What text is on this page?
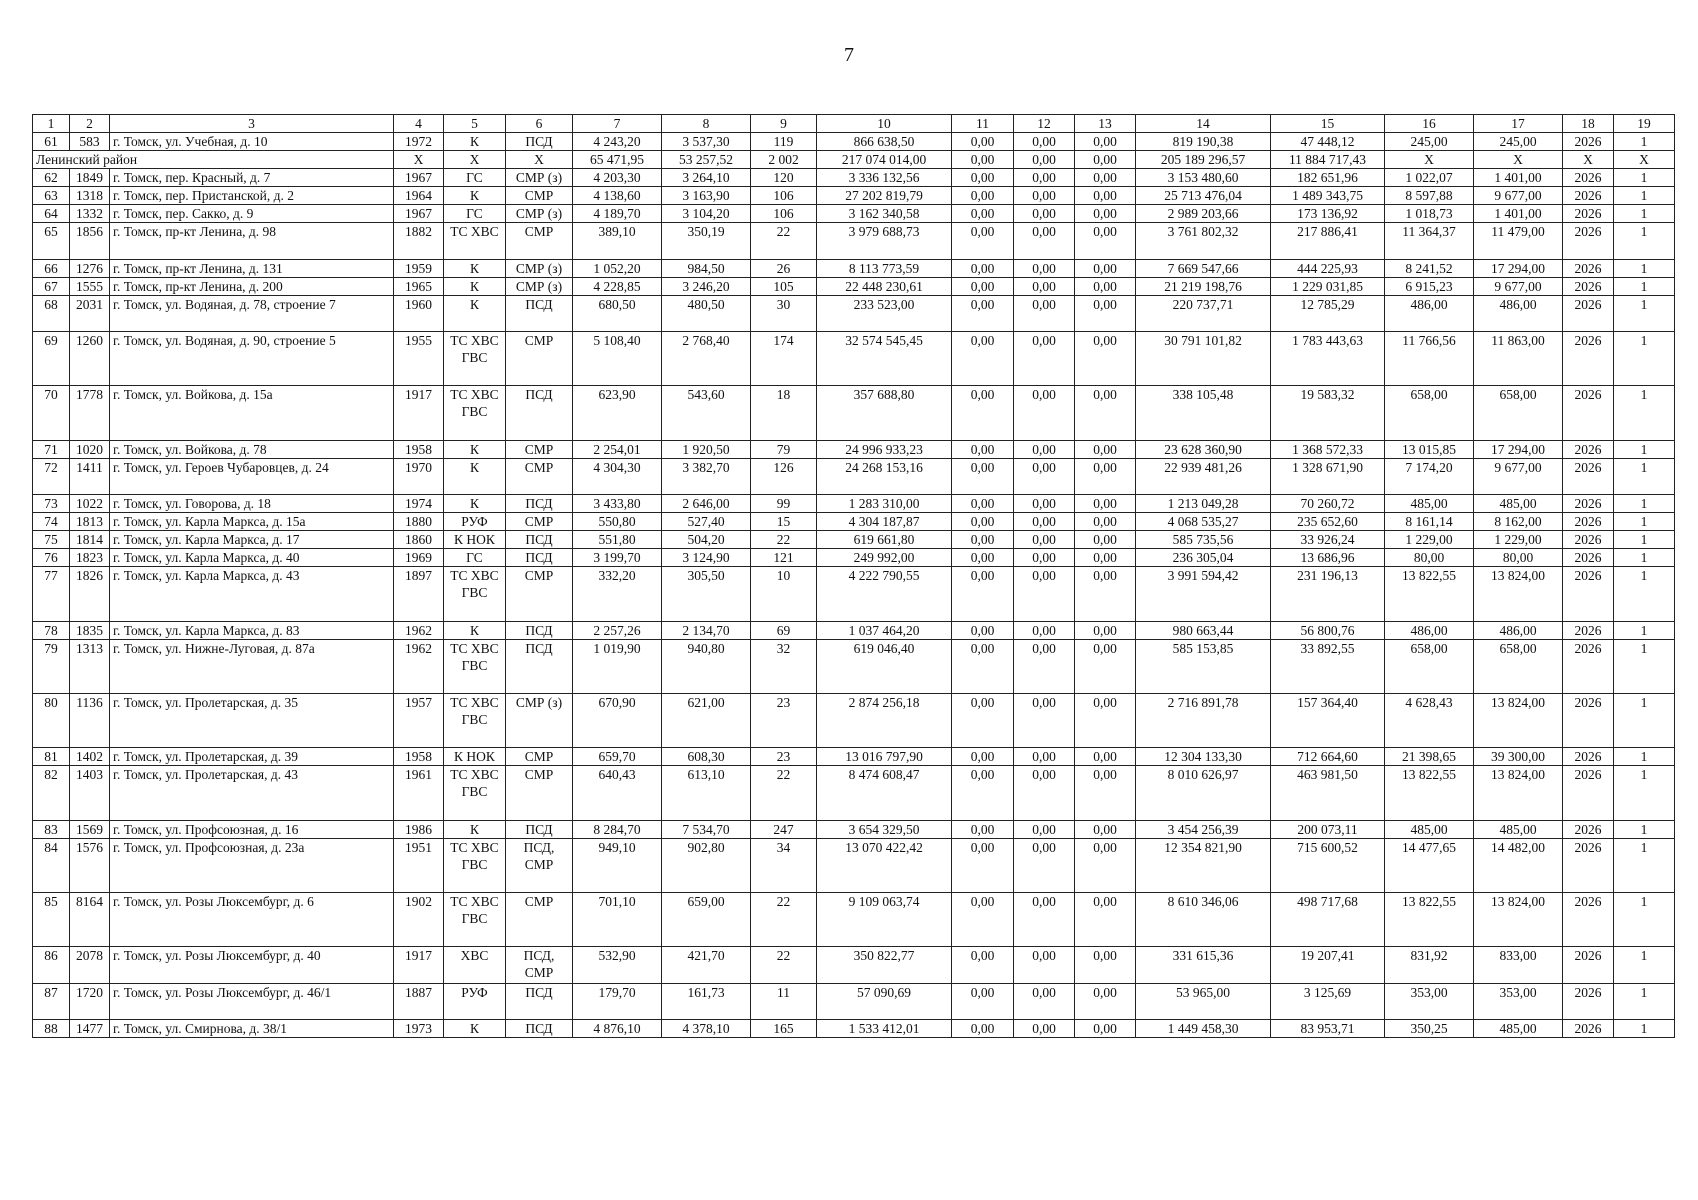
7
1	2	3	4	5	6	7	8	9	10	11	12	13	14	15	16	17	18	19
61	583	г. Томск, ул. Учебная, д. 10	1972	К	ПСД	4 243,20	3 537,30	119	866 638,50	0,00	0,00	0,00	819 190,38	47 448,12	245,00	245,00	2026	1
Ленинский район			Х	Х	Х	65 471,95	53 257,52	2 002	217 074 014,00	0,00	0,00	0,00	205 189 296,57	11 884 717,43	Х	Х	Х	Х
62	1849	г. Томск, пер. Красный, д. 7	1967	ГС	СМР (з)	4 203,30	3 264,10	120	3 336 132,56	0,00	0,00	0,00	3 153 480,60	182 651,96	1 022,07	1 401,00	2026	1
63	1318	г. Томск, пер. Пристанской, д. 2	1964	К	СМР	4 138,60	3 163,90	106	27 202 819,79	0,00	0,00	0,00	25 713 476,04	1 489 343,75	8 597,88	9 677,00	2026	1
64	1332	г. Томск, пер. Сакко, д. 9	1967	ГС	СМР (з)	4 189,70	3 104,20	106	3 162 340,58	0,00	0,00	0,00	2 989 203,66	173 136,92	1 018,73	1 401,00	2026	1
65	1856	г. Томск, пр-кт Ленина, д. 98	1882	ТС ХВС	СМР	389,10	350,19	22	3 979 688,73	0,00	0,00	0,00	3 761 802,32	217 886,41	11 364,37	11 479,00	2026	1
66	1276	г. Томск, пр-кт Ленина, д. 131	1959	К	СМР (з)	1 052,20	984,50	26	8 113 773,59	0,00	0,00	0,00	7 669 547,66	444 225,93	8 241,52	17 294,00	2026	1
67	1555	г. Томск, пр-кт Ленина, д. 200	1965	К	СМР (з)	4 228,85	3 246,20	105	22 448 230,61	0,00	0,00	0,00	21 219 198,76	1 229 031,85	6 915,23	9 677,00	2026	1
68	2031	г. Томск, ул. Водяная, д. 78, строение 7	1960	К	ПСД	680,50	480,50	30	233 523,00	0,00	0,00	0,00	220 737,71	12 785,29	486,00	486,00	2026	1
69	1260	г. Томск, ул. Водяная, д. 90, строение 5	1955	ТС ХВС ГВС	СМР	5 108,40	2 768,40	174	32 574 545,45	0,00	0,00	0,00	30 791 101,82	1 783 443,63	11 766,56	11 863,00	2026	1
70	1778	г. Томск, ул. Войкова, д. 15а	1917	ТС ХВС ГВС	ПСД	623,90	543,60	18	357 688,80	0,00	0,00	0,00	338 105,48	19 583,32	658,00	658,00	2026	1
71	1020	г. Томск, ул. Войкова, д. 78	1958	К	СМР	2 254,01	1 920,50	79	24 996 933,23	0,00	0,00	0,00	23 628 360,90	1 368 572,33	13 015,85	17 294,00	2026	1
72	1411	г. Томск, ул. Героев Чубаровцев, д. 24	1970	К	СМР	4 304,30	3 382,70	126	24 268 153,16	0,00	0,00	0,00	22 939 481,26	1 328 671,90	7 174,20	9 677,00	2026	1
73	1022	г. Томск, ул. Говорова, д. 18	1974	К	ПСД	3 433,80	2 646,00	99	1 283 310,00	0,00	0,00	0,00	1 213 049,28	70 260,72	485,00	485,00	2026	1
74	1813	г. Томск, ул. Карла Маркса, д. 15а	1880	РУФ	СМР	550,80	527,40	15	4 304 187,87	0,00	0,00	0,00	4 068 535,27	235 652,60	8 161,14	8 162,00	2026	1
75	1814	г. Томск, ул. Карла Маркса, д. 17	1860	К НОК	ПСД	551,80	504,20	22	619 661,80	0,00	0,00	0,00	585 735,56	33 926,24	1 229,00	1 229,00	2026	1
76	1823	г. Томск, ул. Карла Маркса, д. 40	1969	ГС	ПСД	3 199,70	3 124,90	121	249 992,00	0,00	0,00	0,00	236 305,04	13 686,96	80,00	80,00	2026	1
77	1826	г. Томск, ул. Карла Маркса, д. 43	1897	ТС ХВС ГВС	СМР	332,20	305,50	10	4 222 790,55	0,00	0,00	0,00	3 991 594,42	231 196,13	13 822,55	13 824,00	2026	1
78	1835	г. Томск, ул. Карла Маркса, д. 83	1962	К	ПСД	2 257,26	2 134,70	69	1 037 464,20	0,00	0,00	0,00	980 663,44	56 800,76	486,00	486,00	2026	1
79	1313	г. Томск, ул. Нижне-Луговая, д. 87а	1962	ТС ХВС ГВС	ПСД	1 019,90	940,80	32	619 046,40	0,00	0,00	0,00	585 153,85	33 892,55	658,00	658,00	2026	1
80	1136	г. Томск, ул. Пролетарская, д. 35	1957	ТС ХВС ГВС	СМР (з)	670,90	621,00	23	2 874 256,18	0,00	0,00	0,00	2 716 891,78	157 364,40	4 628,43	13 824,00	2026	1
81	1402	г. Томск, ул. Пролетарская, д. 39	1958	К НОК	СМР	659,70	608,30	23	13 016 797,90	0,00	0,00	0,00	12 304 133,30	712 664,60	21 398,65	39 300,00	2026	1
82	1403	г. Томск, ул. Пролетарская, д. 43	1961	ТС ХВС ГВС	СМР	640,43	613,10	22	8 474 608,47	0,00	0,00	0,00	8 010 626,97	463 981,50	13 822,55	13 824,00	2026	1
83	1569	г. Томск, ул. Профсоюзная, д. 16	1986	К	ПСД	8 284,70	7 534,70	247	3 654 329,50	0,00	0,00	0,00	3 454 256,39	200 073,11	485,00	485,00	2026	1
84	1576	г. Томск, ул. Профсоюзная, д. 23а	1951	ТС ХВС ГВС	ПСД, СМР	949,10	902,80	34	13 070 422,42	0,00	0,00	0,00	12 354 821,90	715 600,52	14 477,65	14 482,00	2026	1
85	8164	г. Томск, ул. Розы Люксембург, д. 6	1902	ТС ХВС ГВС	СМР	701,10	659,00	22	9 109 063,74	0,00	0,00	0,00	8 610 346,06	498 717,68	13 822,55	13 824,00	2026	1
86	2078	г. Томск, ул. Розы Люксембург, д. 40	1917	ХВС	ПСД, СМР	532,90	421,70	22	350 822,77	0,00	0,00	0,00	331 615,36	19 207,41	831,92	833,00	2026	1
87	1720	г. Томск, ул. Розы Люксембург, д. 46/1	1887	РУФ	ПСД	179,70	161,73	11	57 090,69	0,00	0,00	0,00	53 965,00	3 125,69	353,00	353,00	2026	1
88	1477	г. Томск, ул. Смирнова, д. 38/1	1973	К	ПСД	4 876,10	4 378,10	165	1 533 412,01	0,00	0,00	0,00	1 449 458,30	83 953,71	350,25	485,00	2026	1
